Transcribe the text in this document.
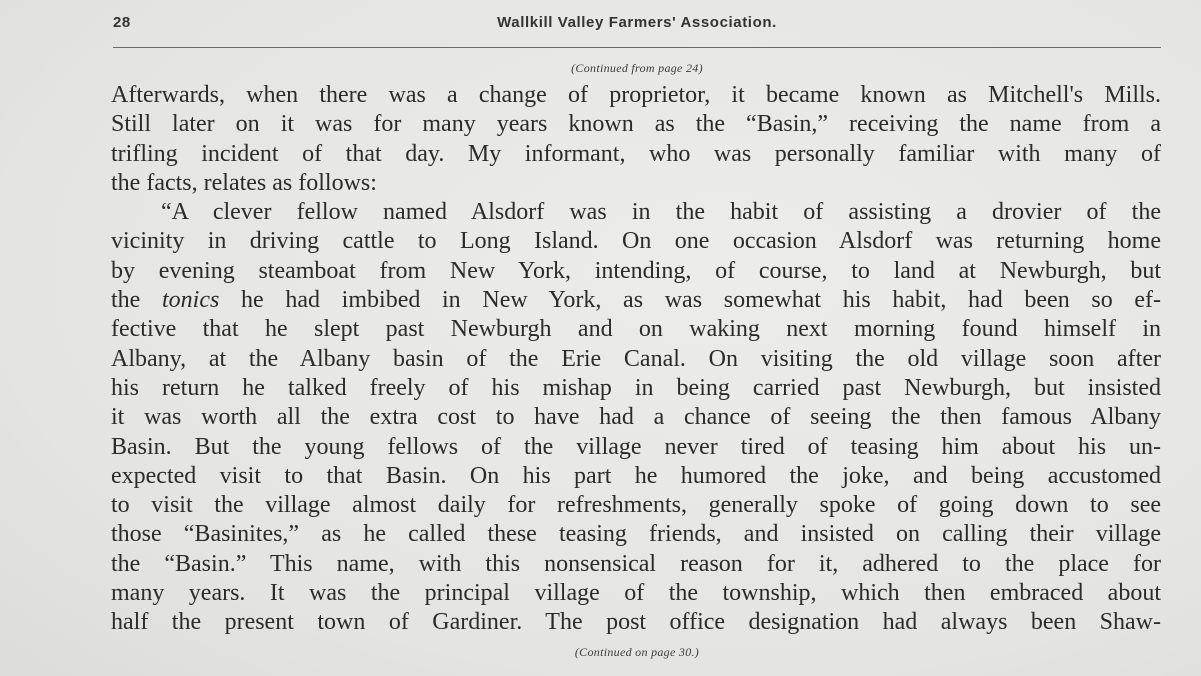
28	Wallkill Valley Farmers' Association.
(Continued from page 24)
Afterwards, when there was a change of proprietor, it became known as Mitchell's Mills.
Still later on it was for many years known as the “Basin,” receiving the name from a
trifling incident of that day. My informant, who was personally familiar with many of
the facts, relates as follows:
“A clever fellow named Alsdorf was in the habit of assisting a drovier of the
vicinity in driving cattle to Long Island. On one occasion Alsdorf was returning home
by evening steamboat from New York, intending, of course, to land at Newburgh, but
the tonics he had imbibed in New York, as was somewhat his habit, had been so ef-
fective that he slept past Newburgh and on waking next morning found himself in
Albany, at the Albany basin of the Erie Canal. On visiting the old village soon after
his return he talked freely of his mishap in being carried past Newburgh, but insisted
it was worth all the extra cost to have had a chance of seeing the then famous Albany
Basin. But the young fellows of the village never tired of teasing him about his un-
expected visit to that Basin. On his part he humored the joke, and being accustomed
to visit the village almost daily for refreshments, generally spoke of going down to see
those “Basinites,” as he called these teasing friends, and insisted on calling their village
the “Basin.” This name, with this nonsensical reason for it, adhered to the place for
many years. It was the principal village of the township, which then embraced about
half the present town of Gardiner. The post office designation had always been Shaw-
(Continued on page 30.)
